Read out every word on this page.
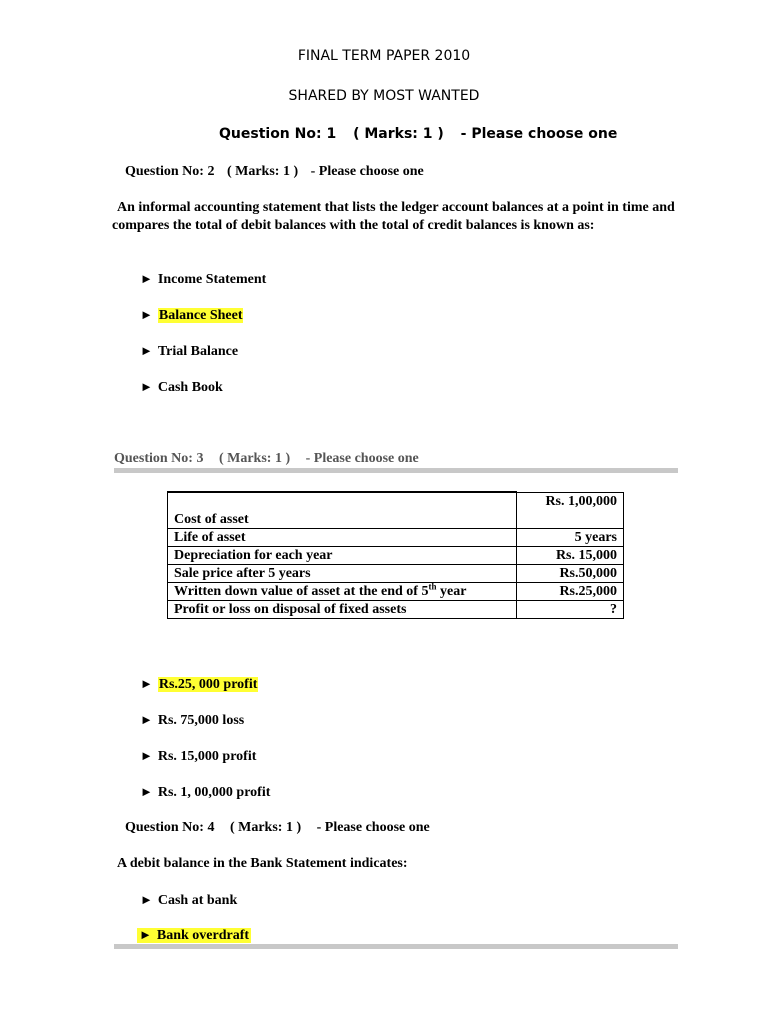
FINAL TERM PAPER 2010
SHARED BY MOST WANTED
Question No: 1 ( Marks: 1 ) - Please choose one
Question No: 2 ( Marks: 1 ) - Please choose one
An informal accounting statement that lists the ledger account balances at a point in time and compares the total of debit balances with the total of credit balances is known as:
► Income Statement
► Balance Sheet
► Trial Balance
► Cash Book
Question No: 3 ( Marks: 1 ) - Please choose one
Cost of asset	Rs. 1,00,000
Life of asset	5 years
Depreciation for each year	Rs. 15,000
Sale price after 5 years	Rs.50,000
Written down value of asset at the end of 5th year	Rs.25,000
Profit or loss on disposal of fixed assets	?
► Rs.25, 000 profit
► Rs. 75,000 loss
► Rs. 15,000 profit
► Rs. 1, 00,000 profit
Question No: 4 ( Marks: 1 ) - Please choose one
A debit balance in the Bank Statement indicates:
► Cash at bank
► Bank overdraft
